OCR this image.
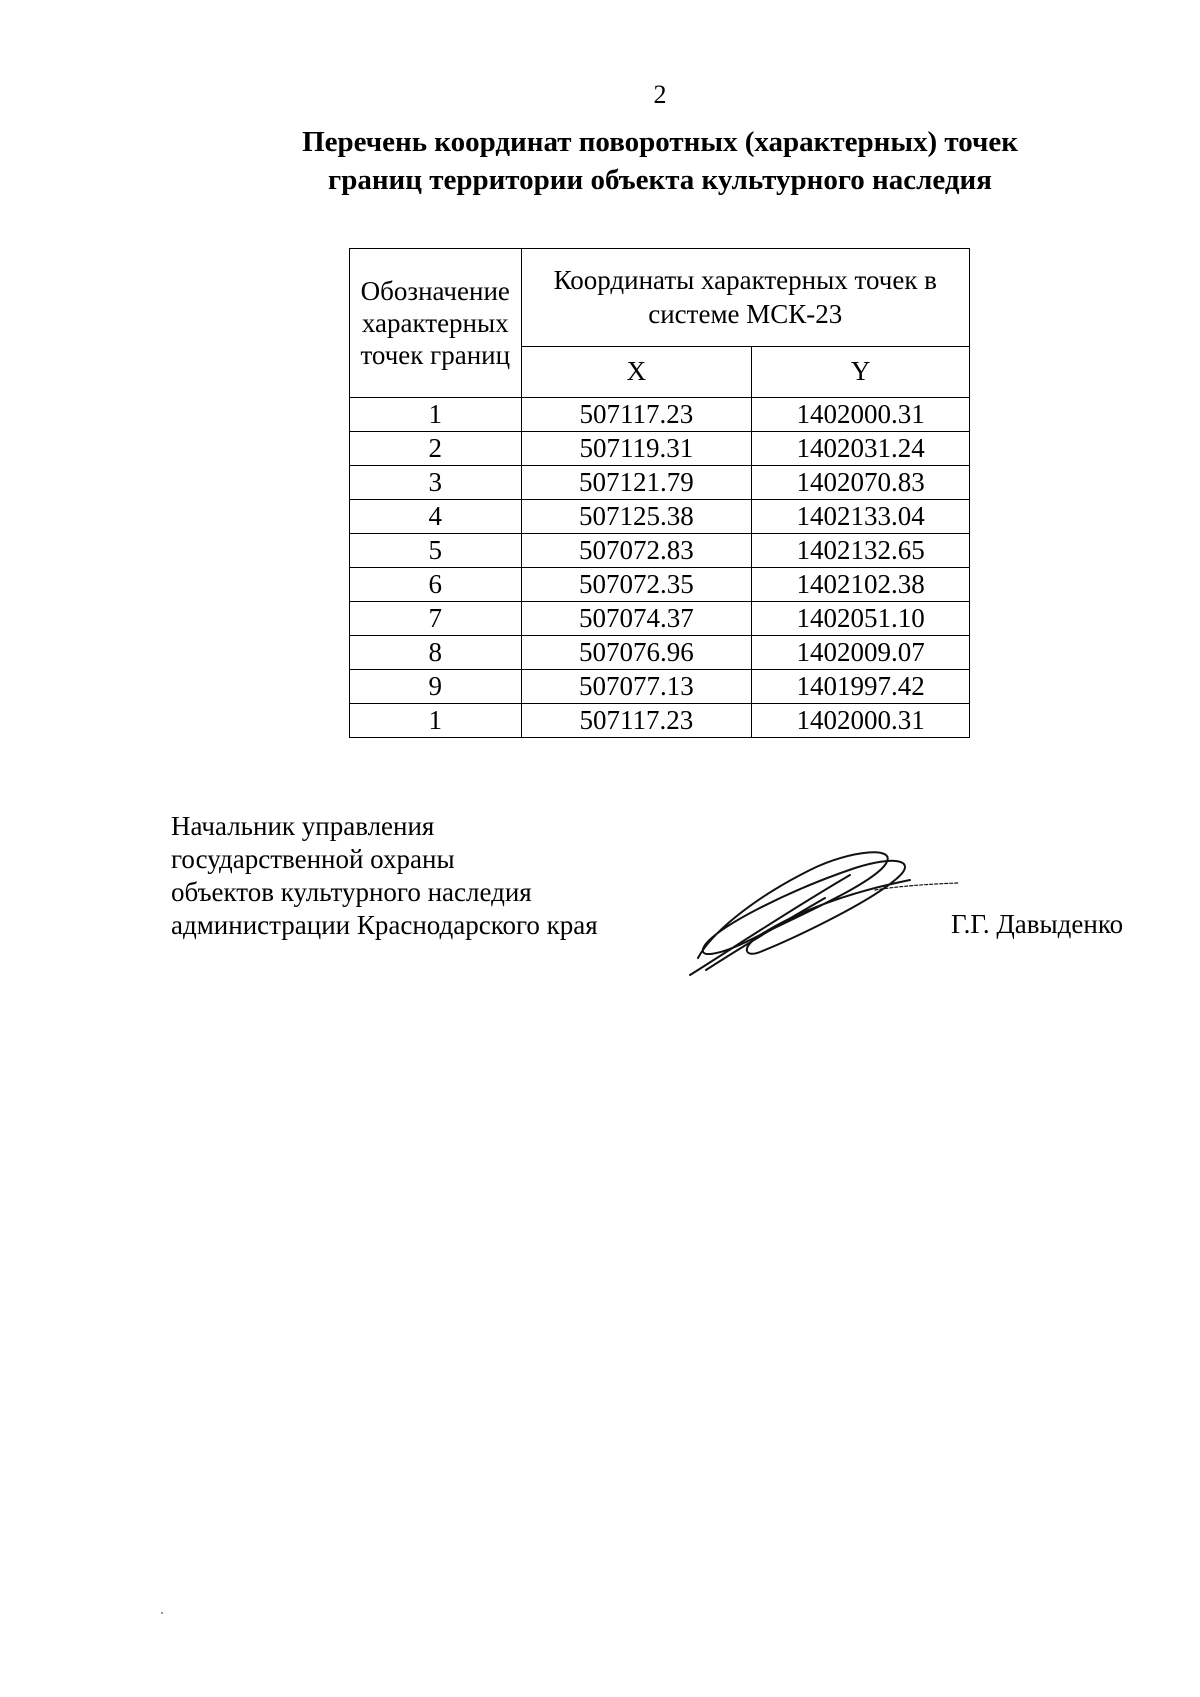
2
Перечень координат поворотных (характерных) точек
границ территории объекта культурного наследия
Обозначение характерных точек границ	Координаты характерных точек в системе МСК-23	
	X	Y
1	507117.23	1402000.31
2	507119.31	1402031.24
3	507121.79	1402070.83
4	507125.38	1402133.04
5	507072.83	1402132.65
6	507072.35	1402102.38
7	507074.37	1402051.10
8	507076.96	1402009.07
9	507077.13	1401997.42
1	507117.23	1402000.31
Начальник управления
государственной охраны
объектов культурного наследия
администрации Краснодарского края	Г.Г. Давыденко
